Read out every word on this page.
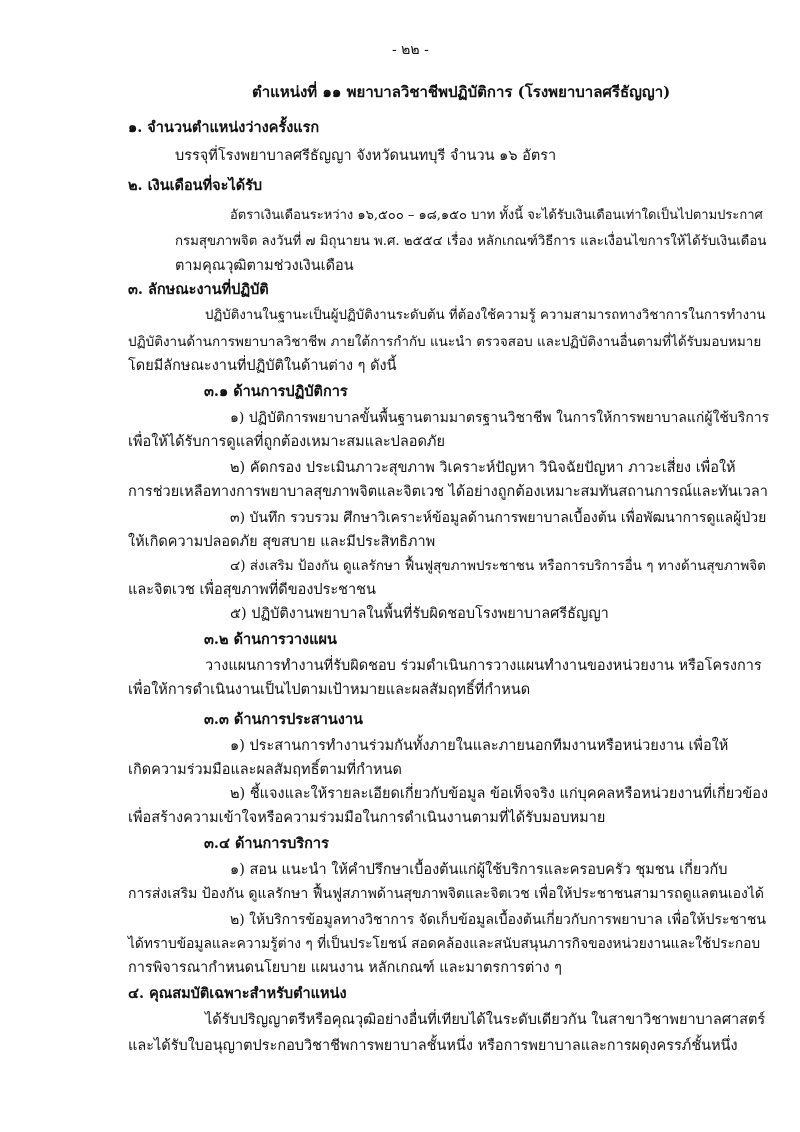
- ๒๒ -
ตำแหน่งที่ ๑๑ พยาบาลวิชาชีพปฏิบัติการ (โรงพยาบาลศรีธัญญา)
๑. จำนวนตำแหน่งว่างครั้งแรก
บรรจุที่โรงพยาบาลศรีธัญญา จังหวัดนนทบุรี จำนวน ๑๖ อัตรา
๒. เงินเดือนที่จะได้รับ
อัตราเงินเดือนระหว่าง ๑๖,๕๐๐ – ๑๘,๑๕๐ บาท ทั้งนี้ จะได้รับเงินเดือนเท่าใดเป็นไปตามประกาศ
กรมสุขภาพจิต ลงวันที่ ๗ มิถุนายน พ.ศ. ๒๕๕๔ เรื่อง หลักเกณฑ์วิธีการ และเงื่อนไขการให้ได้รับเงินเดือน
ตามคุณวุฒิตามช่วงเงินเดือน
๓. ลักษณะงานที่ปฏิบัติ
ปฏิบัติงานในฐานะเป็นผู้ปฏิบัติงานระดับต้น ที่ต้องใช้ความรู้ ความสามารถทางวิชาการในการทำงาน
ปฏิบัติงานด้านการพยาบาลวิชาชีพ ภายใต้การกำกับ แนะนำ ตรวจสอบ และปฏิบัติงานอื่นตามที่ได้รับมอบหมาย
โดยมีลักษณะงานที่ปฏิบัติในด้านต่าง ๆ ดังนี้
๓.๑ ด้านการปฏิบัติการ
๑) ปฏิบัติการพยาบาลขั้นพื้นฐานตามมาตรฐานวิชาชีพ ในการให้การพยาบาลแก่ผู้ใช้บริการ
เพื่อให้ได้รับการดูแลที่ถูกต้องเหมาะสมและปลอดภัย
๒) คัดกรอง ประเมินภาวะสุขภาพ วิเคราะห์ปัญหา วินิจฉัยปัญหา ภาวะเสี่ยง เพื่อให้
การช่วยเหลือทางการพยาบาลสุขภาพจิตและจิตเวช ได้อย่างถูกต้องเหมาะสมทันสถานการณ์และทันเวลา
๓) บันทึก รวบรวม ศึกษาวิเคราะห์ข้อมูลด้านการพยาบาลเบื้องต้น เพื่อพัฒนาการดูแลผู้ป่วย
ให้เกิดความปลอดภัย สุขสบาย และมีประสิทธิภาพ
๔) ส่งเสริม ป้องกัน ดูแลรักษา ฟื้นฟูสุขภาพประชาชน หรือการบริการอื่น ๆ ทางด้านสุขภาพจิต
และจิตเวช เพื่อสุขภาพที่ดีของประชาชน
๕) ปฏิบัติงานพยาบาลในพื้นที่รับผิดชอบโรงพยาบาลศรีธัญญา
๓.๒ ด้านการวางแผน
วางแผนการทำงานที่รับผิดชอบ ร่วมดำเนินการวางแผนทำงานของหน่วยงาน หรือโครงการ
เพื่อให้การดำเนินงานเป็นไปตามเป้าหมายและผลสัมฤทธิ์ที่กำหนด
๓.๓ ด้านการประสานงาน
๑) ประสานการทำงานร่วมกันทั้งภายในและภายนอกทีมงานหรือหน่วยงาน เพื่อให้
เกิดความร่วมมือและผลสัมฤทธิ์ตามที่กำหนด
๒) ชี้แจงและให้รายละเอียดเกี่ยวกับข้อมูล ข้อเท็จจริง แก่บุคคลหรือหน่วยงานที่เกี่ยวข้อง
เพื่อสร้างความเข้าใจหรือความร่วมมือในการดำเนินงานตามที่ได้รับมอบหมาย
๓.๔ ด้านการบริการ
๑) สอน แนะนำ ให้คำปรึกษาเบื้องต้นแก่ผู้ใช้บริการและครอบครัว ชุมชน เกี่ยวกับ
การส่งเสริม ป้องกัน ดูแลรักษา ฟื้นฟูสภาพด้านสุขภาพจิตและจิตเวช เพื่อให้ประชาชนสามารถดูแลตนเองได้
๒) ให้บริการข้อมูลทางวิชาการ จัดเก็บข้อมูลเบื้องต้นเกี่ยวกับการพยาบาล เพื่อให้ประชาชน
ได้ทราบข้อมูลและความรู้ต่าง ๆ ที่เป็นประโยชน์ สอดคล้องและสนับสนุนภารกิจของหน่วยงานและใช้ประกอบ
การพิจารณากำหนดนโยบาย แผนงาน หลักเกณฑ์ และมาตรการต่าง ๆ
๔. คุณสมบัติเฉพาะสำหรับตำแหน่ง
ได้รับปริญญาตรีหรือคุณวุฒิอย่างอื่นที่เทียบได้ในระดับเดียวกัน ในสาขาวิชาพยาบาลศาสตร์
และได้รับใบอนุญาตประกอบวิชาชีพการพยาบาลชั้นหนึ่ง หรือการพยาบาลและการผดุงครรภ์ชั้นหนึ่ง
